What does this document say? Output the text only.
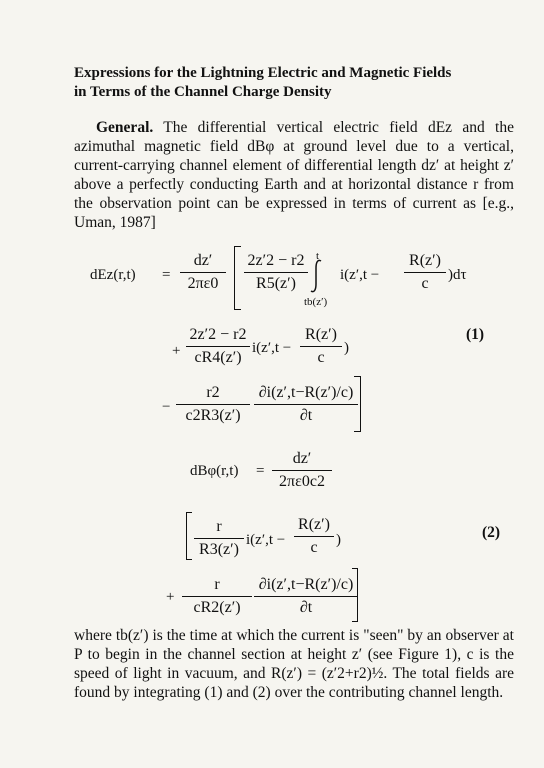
Expressions for the Lightning Electric and Magnetic Fields
in Terms of the Channel Charge Density
General. The differential vertical electric field dEz and the azimuthal magnetic field dBφ at ground level due to a vertical, current-carrying channel element of differential length dz′ at height z′ above a perfectly conducting Earth and at horizontal distance r from the observation point can be expressed in terms of current as [e.g., Uman, 1987]
$dEz(r,t) = \frac{dz'}{2\pi\varepsilon 0} \frac{2z'2 - r2}{R5(z')}$ t
tb(z′)
$i(z',t - \frac{R(z')}{c} )d\tau$
+ $\frac{2z'2 - r2}{cR4(z')} i(z',t - \frac{R(z')}{c}$ )
(1)
− $\frac{r2}{c2R3(z')} \frac{\partial i(z',t-R(z')/c)}{\partial t}$
$dB\varphi(r,t) = \frac{dz'}{2\pi\varepsilon 0c2}$
$\frac{r}{R3(z')} i(z',t - \frac{R(z')}{c}$ )	(2)
+ $\frac{r}{cR2(z')} \frac{\partial i(z',t-R(z')/c)}{\partial t}$
where tb(z′) is the time at which the current is "seen" by an observer at P to begin in the channel section at height z′ (see Figure 1), c is the speed of light in vacuum, and R(z′) = (z′2+r2)½. The total fields are found by integrating (1) and (2) over the contributing channel length.
